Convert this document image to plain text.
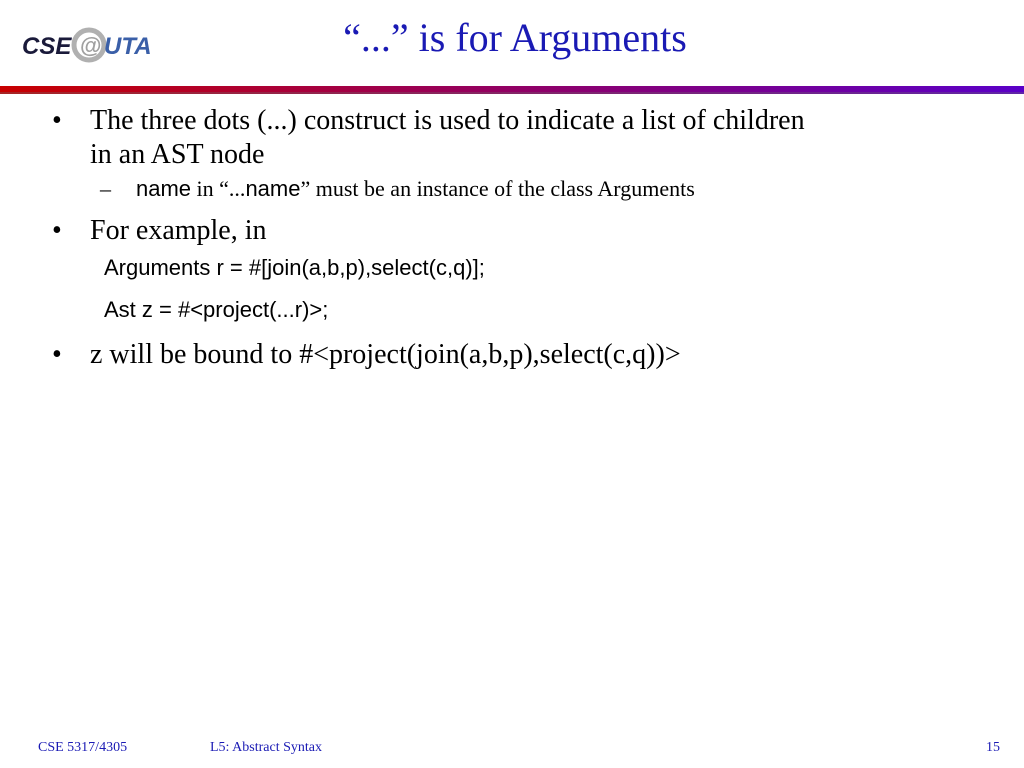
CSE @ UTA	“...” is for Arguments
• The three dots (...) construct is used to indicate a list of children
in an AST node
– name in “...name” must be an instance of the class Arguments
• For example, in
Arguments r = #[join(a,b,p),select(c,q)];
Ast z = #<project(...r)>;
• z will be bound to #<project(join(a,b,p),select(c,q))>
CSE 5317/4305	L5: Abstract Syntax	15
